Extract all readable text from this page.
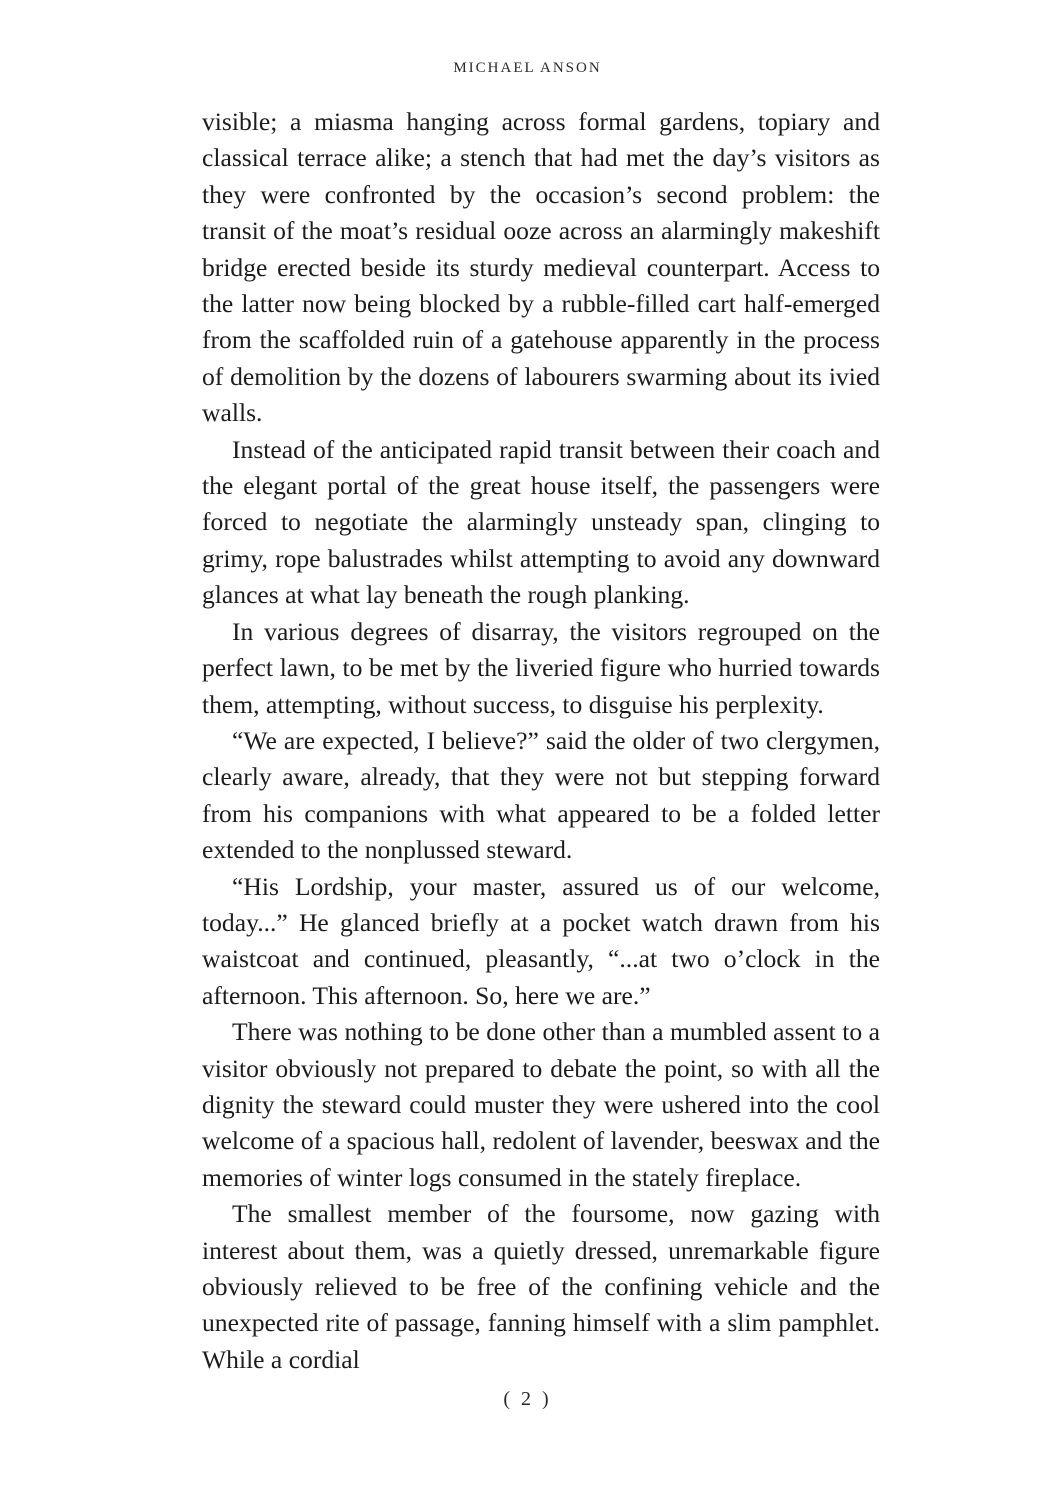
MICHAEL ANSON

visible; a miasma hanging across formal gardens, topiary and classical terrace alike; a stench that had met the day’s visitors as they were confronted by the occasion’s second problem: the transit of the moat’s residual ooze across an alarmingly makeshift bridge erected beside its sturdy medieval counterpart. Access to the latter now being blocked by a rubble-filled cart half-emerged from the scaffolded ruin of a gatehouse apparently in the process of demolition by the dozens of labourers swarming about its ivied walls.

Instead of the anticipated rapid transit between their coach and the elegant portal of the great house itself, the passengers were forced to negotiate the alarmingly unsteady span, clinging to grimy, rope balustrades whilst attempting to avoid any downward glances at what lay beneath the rough planking.

In various degrees of disarray, the visitors regrouped on the perfect lawn, to be met by the liveried figure who hurried towards them, attempting, without success, to disguise his perplexity.

“We are expected, I believe?” said the older of two clergymen, clearly aware, already, that they were not but stepping forward from his companions with what appeared to be a folded letter extended to the nonplussed steward.

“His Lordship, your master, assured us of our welcome, today...” He glanced briefly at a pocket watch drawn from his waistcoat and continued, pleasantly, “...at two o’clock in the afternoon. This afternoon. So, here we are.”

There was nothing to be done other than a mumbled assent to a visitor obviously not prepared to debate the point, so with all the dignity the steward could muster they were ushered into the cool welcome of a spacious hall, redolent of lavender, beeswax and the memories of winter logs consumed in the stately fireplace.

The smallest member of the foursome, now gazing with interest about them, was a quietly dressed, unremarkable figure obviously relieved to be free of the confining vehicle and the unexpected rite of passage, fanning himself with a slim pamphlet. While a cordial

( 2 )
